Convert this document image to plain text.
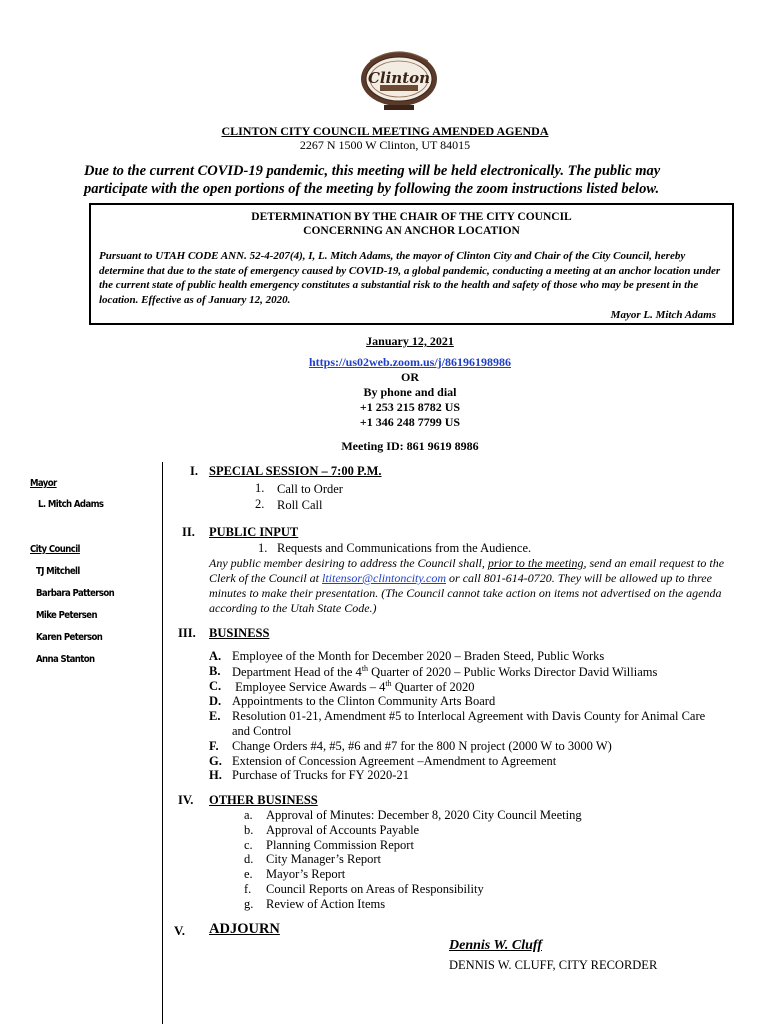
Clinton
CLINTON CITY COUNCIL MEETING AMENDED AGENDA
2267 N 1500 W Clinton, UT 84015
Due to the current COVID-19 pandemic, this meeting will be held electronically. The public may participate with the open portions of the meeting by following the zoom instructions listed below.
DETERMINATION BY THE CHAIR OF THE CITY COUNCIL
CONCERNING AN ANCHOR LOCATION
Pursuant to UTAH CODE ANN. 52-4-207(4), I, L. Mitch Adams, the mayor of Clinton City and Chair of the City Council, hereby determine that due to the state of emergency caused by COVID-19, a global pandemic, conducting a meeting at an anchor location under the current state of public health emergency constitutes a substantial risk to the health and safety of those who may be present in the location. Effective as of January 12, 2020.
Mayor L. Mitch Adams
January 12, 2021
https://us02web.zoom.us/j/86196198986
OR
By phone and dial
+1 253 215 8782 US
+1 346 248 7799 US
Meeting ID: 861 9619 8986
Mayor
L. Mitch Adams
City Council
TJ Mitchell
Barbara Patterson
Mike Petersen
Karen Peterson
Anna Stanton
I. SPECIAL SESSION – 7:00 P.M.
1. Call to Order
2. Roll Call
II. PUBLIC INPUT
1. Requests and Communications from the Audience.
Any public member desiring to address the Council shall, prior to the meeting, send an email request to the Clerk of the Council at ltitensor@clintoncity.com or call 801-614-0720. They will be allowed up to three minutes to make their presentation. (The Council cannot take action on items not advertised on the agenda according to the Utah State Code.)
III. BUSINESS
A. Employee of the Month for December 2020 – Braden Steed, Public Works
B. Department Head of the 4th Quarter of 2020 – Public Works Director David Williams
C. Employee Service Awards – 4th Quarter of 2020
D. Appointments to the Clinton Community Arts Board
E. Resolution 01-21, Amendment #5 to Interlocal Agreement with Davis County for Animal Care and Control
F. Change Orders #4, #5, #6 and #7 for the 800 N project (2000 W to 3000 W)
G. Extension of Concession Agreement –Amendment to Agreement
H. Purchase of Trucks for FY 2020-21
IV. OTHER BUSINESS
a. Approval of Minutes: December 8, 2020 City Council Meeting
b. Approval of Accounts Payable
c. Planning Commission Report
d. City Manager’s Report
e. Mayor’s Report
f. Council Reports on Areas of Responsibility
g. Review of Action Items
V. ADJOURN
Dennis W. Cluff
DENNIS W. CLUFF, CITY RECORDER
